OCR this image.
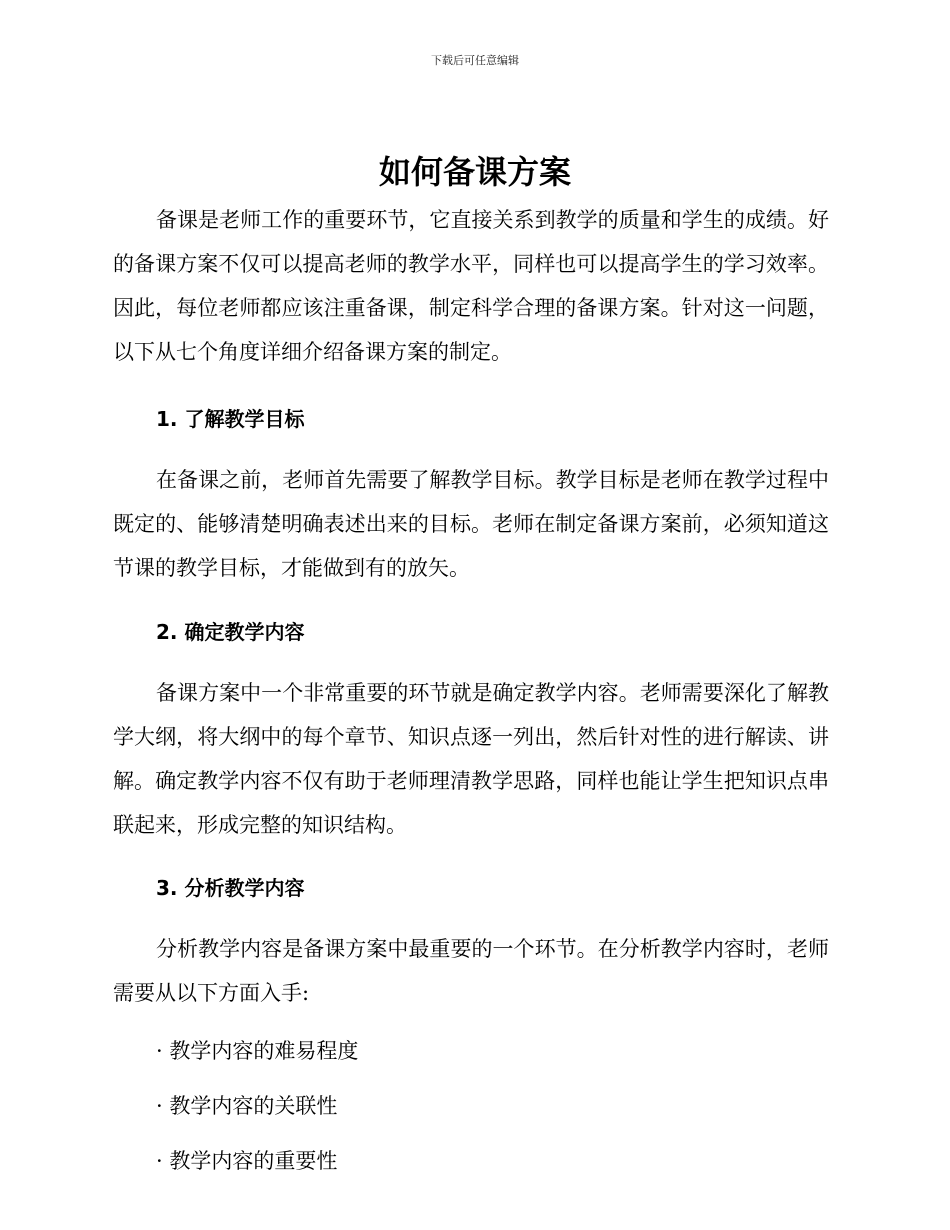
下载后可任意编辑
如何备课方案

备课是老师工作的重要环节，它直接关系到教学的质量和学生的成绩。好的备课方案不仅可以提高老师的教学水平，同样也可以提高学生的学习效率。因此，每位老师都应该注重备课，制定科学合理的备课方案。针对这一问题，以下从七个角度详细介绍备课方案的制定。

1. 了解教学目标

在备课之前，老师首先需要了解教学目标。教学目标是老师在教学过程中既定的、能够清楚明确表述出来的目标。老师在制定备课方案前，必须知道这节课的教学目标，才能做到有的放矢。

2. 确定教学内容

备课方案中一个非常重要的环节就是确定教学内容。老师需要深化了解教学大纲，将大纲中的每个章节、知识点逐一列出，然后针对性的进行解读、讲解。确定教学内容不仅有助于老师理清教学思路，同样也能让学生把知识点串联起来，形成完整的知识结构。

3. 分析教学内容

分析教学内容是备课方案中最重要的一个环节。在分析教学内容时，老师需要从以下方面入手:

· 教学内容的难易程度
· 教学内容的关联性
· 教学内容的重要性
